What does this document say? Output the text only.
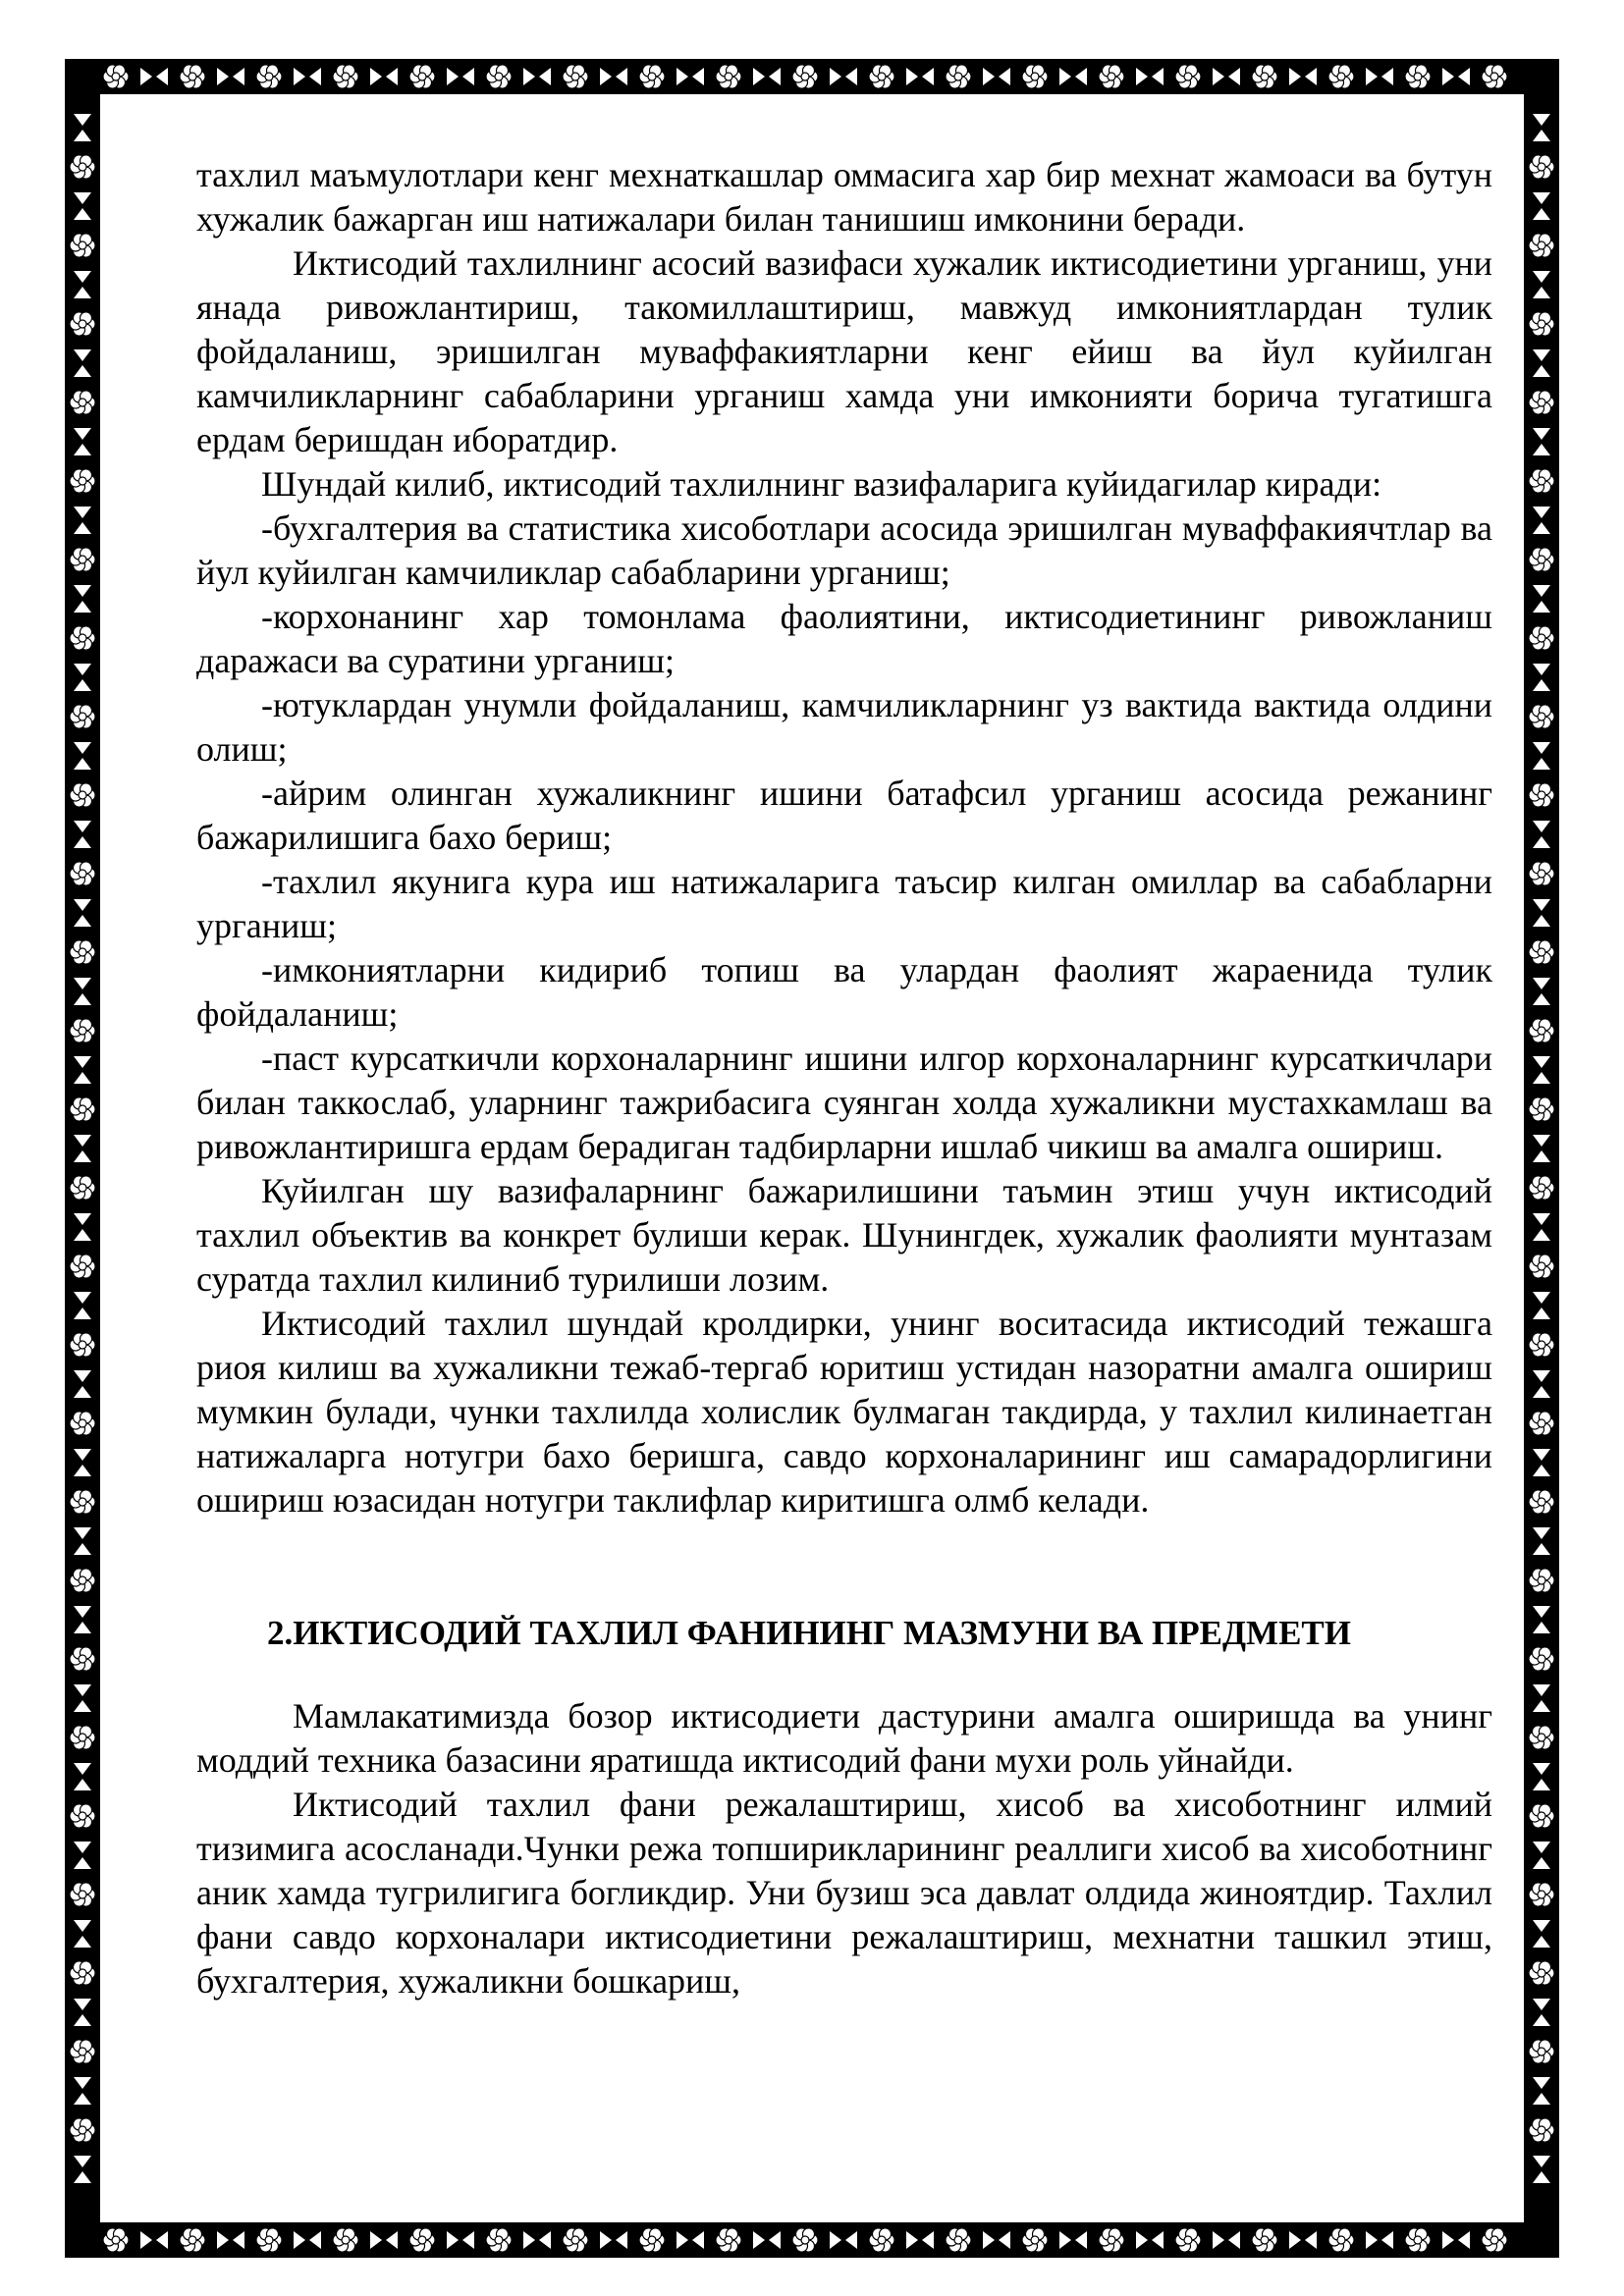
тахлил маъмулотлари кенг мехнаткашлар оммасига хар бир мехнат жамоаси ва бутун хужалик бажарган иш натижалари билан танишиш имконини беради.

Иктисодий тахлилнинг асосий вазифаси хужалик иктисодиетини урганиш, уни янада ривожлантириш, такомиллаштириш, мавжуд имкониятлардан тулик фойдаланиш, эришилган муваффакиятларни кенг ейиш ва йул куйилган камчиликларнинг сабабларини урганиш хамда уни имконияти борича тугатишга ердам беришдан иборатдир.

Шундай килиб, иктисодий тахлилнинг вазифаларига куйидагилар киради:

-бухгалтерия ва статистика хисоботлари асосида эришилган муваффакиячтлар ва йул куйилган камчиликлар сабабларини урганиш;

-корхонанинг хар томонлама фаолиятини, иктисодиетининг ривожланиш даражаси ва суратини урганиш;

-ютуклардан унумли фойдаланиш, камчиликларнинг уз вактида вактида олдини олиш;

-айрим олинган хужаликнинг ишини батафсил урганиш асосида режанинг бажарилишига бахо бериш;

-тахлил якунига кура иш натижаларига таъсир килган омиллар ва сабабларни урганиш;

-имкониятларни кидириб топиш ва улардан фаолият жараенида тулик фойдаланиш;

-паст курсаткичли корхоналарнинг ишини илгор корхоналарнинг курсаткичлари билан таккослаб, уларнинг тажрибасига суянган холда хужаликни мустахкамлаш ва ривожлантиришга ердам берадиган тадбирларни ишлаб чикиш ва амалга ошириш.

Куйилган шу вазифаларнинг бажарилишини таъмин этиш учун иктисодий тахлил объектив ва конкрет булиши керак. Шунингдек, хужалик фаолияти мунтазам суратда тахлил килиниб турилиши лозим.

Иктисодий тахлил шундай кролдирки, унинг воситасида иктисодий тежашга риоя килиш ва хужаликни тежаб-тергаб юритиш устидан назоратни амалга ошириш мумкин булади, чунки тахлилда холислик булмаган такдирда, у тахлил килинаетган натижаларга нотугри бахо беришга, савдо корхоналарининг иш самарадорлигини ошириш юзасидан нотугри таклифлар киритишга олмб келади.

2.ИКТИСОДИЙ ТАХЛИЛ ФАНИНИНГ МАЗМУНИ ВА ПРЕДМЕТИ

Мамлакатимизда бозор иктисодиети дастурини амалга оширишда ва унинг моддий техника базасини яратишда иктисодий фани мухи роль уйнайди.

Иктисодий тахлил фани режалаштириш, хисоб ва хисоботнинг илмий тизимига асосланади.Чунки режа топширикларининг реаллиги хисоб ва хисоботнинг аник хамда тугрилигига богликдир. Уни бузиш эса давлат олдида жиноятдир. Тахлил фани савдо корхоналари иктисодиетини режалаштириш, мехнатни ташкил этиш, бухгалтерия, хужаликни бошкариш,
